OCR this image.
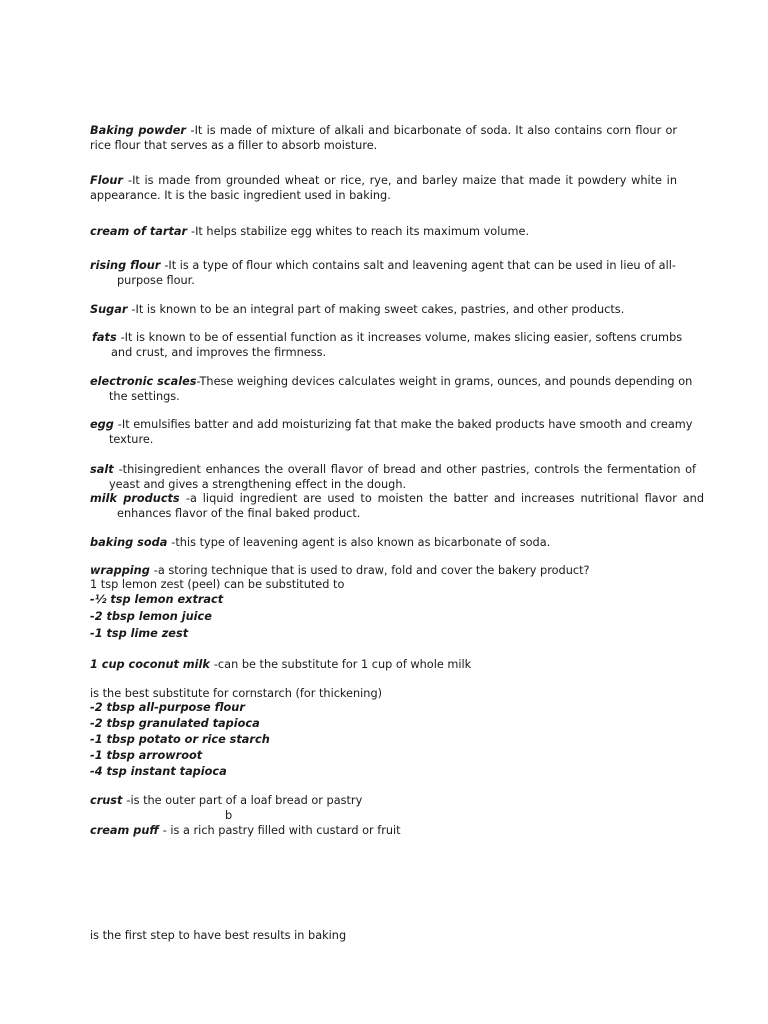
Baking powder -It is made of mixture of alkali and bicarbonate of soda. It also contains corn flour or rice flour that serves as a filler to absorb moisture.

Flour -It is made from grounded wheat or rice, rye, and barley maize that made it powdery white in appearance. It is the basic ingredient used in baking.

cream of tartar -It helps stabilize egg whites to reach its maximum volume.

rising flour -It is a type of flour which contains salt and leavening agent that can be used in lieu of all-purpose flour.

Sugar -It is known to be an integral part of making sweet cakes, pastries, and other products.

fats -It is known to be of essential function as it increases volume, makes slicing easier, softens crumbs and crust, and improves the firmness.

electronic scales-These weighing devices calculates weight in grams, ounces, and pounds depending on the settings.

egg -It emulsifies batter and add moisturizing fat that make the baked products have smooth and creamy texture.

salt -thisingredient enhances the overall flavor of bread and other pastries, controls the fermentation of yeast and gives a strengthening effect in the dough.

milk products -a liquid ingredient are used to moisten the batter and increases nutritional flavor and enhances flavor of the final baked product.

baking soda -this type of leavening agent is also known as bicarbonate of soda.

wrapping -a storing technique that is used to draw, fold and cover the bakery product?

1 tsp lemon zest (peel) can be substituted to

-½ tsp lemon extract

-2 tbsp lemon juice

-1 tsp lime zest

1 cup coconut milk -can be the substitute for 1 cup of whole milk

is the best substitute for cornstarch (for thickening)

-2 tbsp all-purpose flour

-2 tbsp granulated tapioca

-1 tbsp potato or rice starch

-1 tbsp arrowroot

-4 tsp instant tapioca

crust -is the outer part of a loaf bread or pastry

b

cream puff - is a rich pastry filled with custard or fruit

is the first step to have best results in baking
